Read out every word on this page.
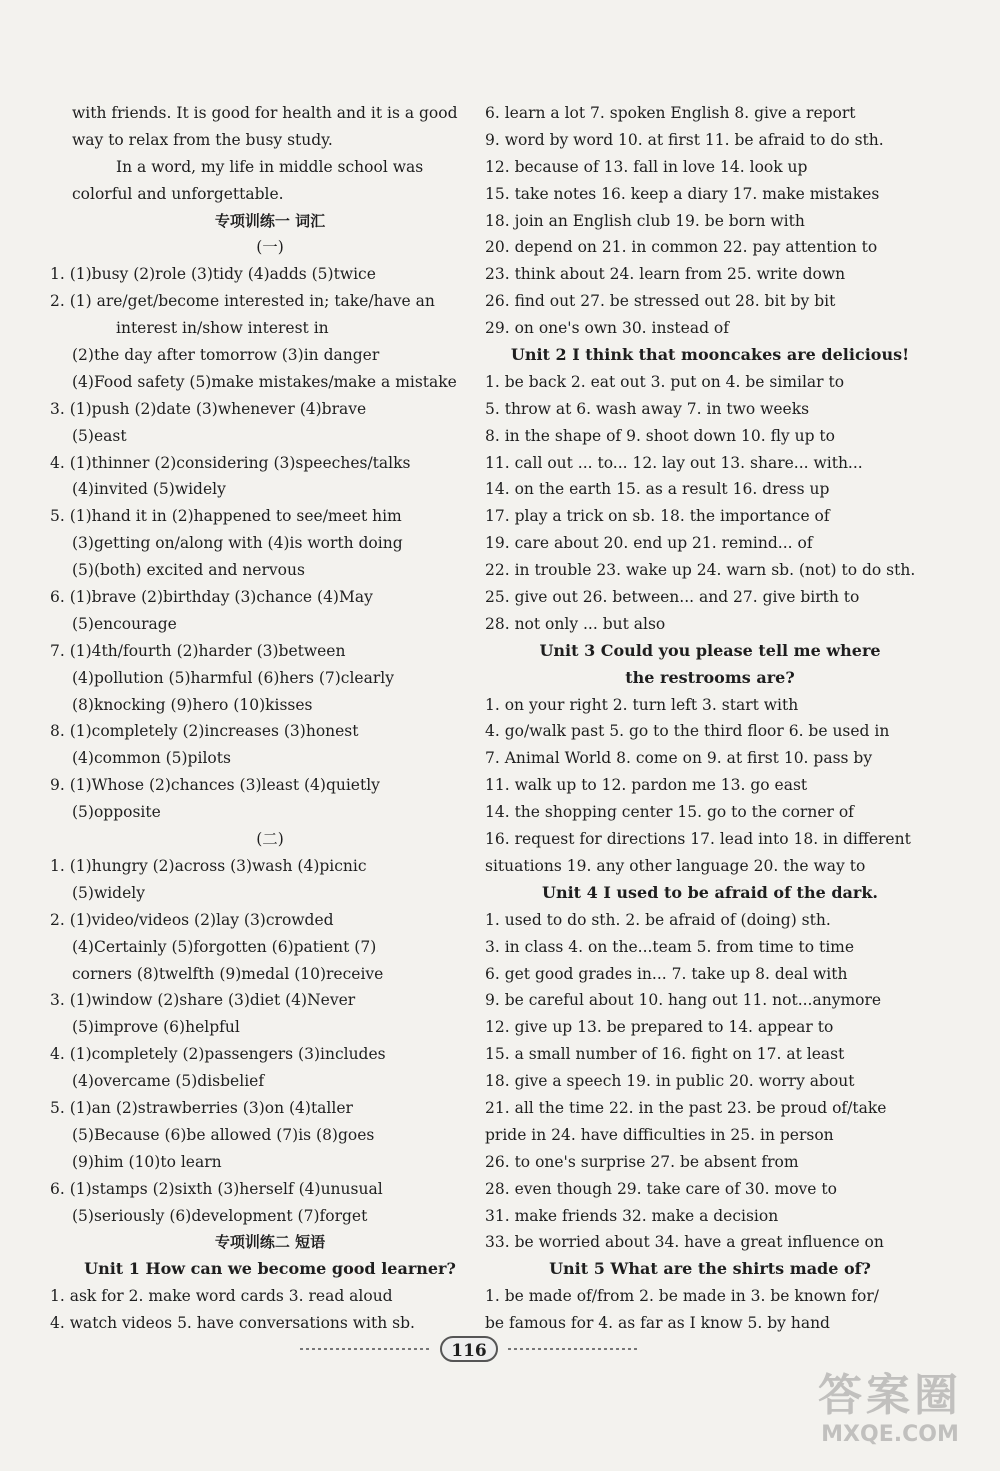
with friends. It is good for health and it is a good
way to relax from the busy study.
In a word, my life in middle school was
colorful and unforgettable.
专项训练一 词汇
(一)
1. (1)busy (2)role (3)tidy (4)adds (5)twice
2. (1) are/get/become interested in; take/have an
interest in/show interest in
(2)the day after tomorrow (3)in danger
(4)Food safety (5)make mistakes/make a mistake
3. (1)push (2)date (3)whenever (4)brave
(5)east
4. (1)thinner (2)considering (3)speeches/talks
(4)invited (5)widely
5. (1)hand it in (2)happened to see/meet him
(3)getting on/along with (4)is worth doing
(5)(both) excited and nervous
6. (1)brave (2)birthday (3)chance (4)May
(5)encourage
7. (1)4th/fourth (2)harder (3)between
(4)pollution (5)harmful (6)hers (7)clearly
(8)knocking (9)hero (10)kisses
8. (1)completely (2)increases (3)honest
(4)common (5)pilots
9. (1)Whose (2)chances (3)least (4)quietly
(5)opposite
(二)
1. (1)hungry (2)across (3)wash (4)picnic
(5)widely
2. (1)video/videos (2)lay (3)crowded
(4)Certainly (5)forgotten (6)patient (7)
corners (8)twelfth (9)medal (10)receive
3. (1)window (2)share (3)diet (4)Never
(5)improve (6)helpful
4. (1)completely (2)passengers (3)includes
(4)overcame (5)disbelief
5. (1)an (2)strawberries (3)on (4)taller
(5)Because (6)be allowed (7)is (8)goes
(9)him (10)to learn
6. (1)stamps (2)sixth (3)herself (4)unusual
(5)seriously (6)development (7)forget
专项训练二 短语
Unit 1 How can we become good learner?
1. ask for 2. make word cards 3. read aloud
4. watch videos 5. have conversations with sb.
6. learn a lot 7. spoken English 8. give a report
9. word by word 10. at first 11. be afraid to do sth.
12. because of 13. fall in love 14. look up
15. take notes 16. keep a diary 17. make mistakes
18. join an English club 19. be born with
20. depend on 21. in common 22. pay attention to
23. think about 24. learn from 25. write down
26. find out 27. be stressed out 28. bit by bit
29. on one's own 30. instead of
Unit 2 I think that mooncakes are delicious!
1. be back 2. eat out 3. put on 4. be similar to
5. throw at 6. wash away 7. in two weeks
8. in the shape of 9. shoot down 10. fly up to
11. call out ... to... 12. lay out 13. share... with...
14. on the earth 15. as a result 16. dress up
17. play a trick on sb. 18. the importance of
19. care about 20. end up 21. remind... of
22. in trouble 23. wake up 24. warn sb. (not) to do sth.
25. give out 26. between... and 27. give birth to
28. not only ... but also
Unit 3 Could you please tell me where
the restrooms are?
1. on your right 2. turn left 3. start with
4. go/walk past 5. go to the third floor 6. be used in
7. Animal World 8. come on 9. at first 10. pass by
11. walk up to 12. pardon me 13. go east
14. the shopping center 15. go to the corner of
16. request for directions 17. lead into 18. in different
situations 19. any other language 20. the way to
Unit 4 I used to be afraid of the dark.
1. used to do sth. 2. be afraid of (doing) sth.
3. in class 4. on the...team 5. from time to time
6. get good grades in... 7. take up 8. deal with
9. be careful about 10. hang out 11. not...anymore
12. give up 13. be prepared to 14. appear to
15. a small number of 16. fight on 17. at least
18. give a speech 19. in public 20. worry about
21. all the time 22. in the past 23. be proud of/take
pride in 24. have difficulties in 25. in person
26. to one's surprise 27. be absent from
28. even though 29. take care of 30. move to
31. make friends 32. make a decision
33. be worried about 34. have a great influence on
Unit 5 What are the shirts made of?
1. be made of/from 2. be made in 3. be known for/
be famous for 4. as far as I know 5. by hand
116
答案圈
MXQE.COM
